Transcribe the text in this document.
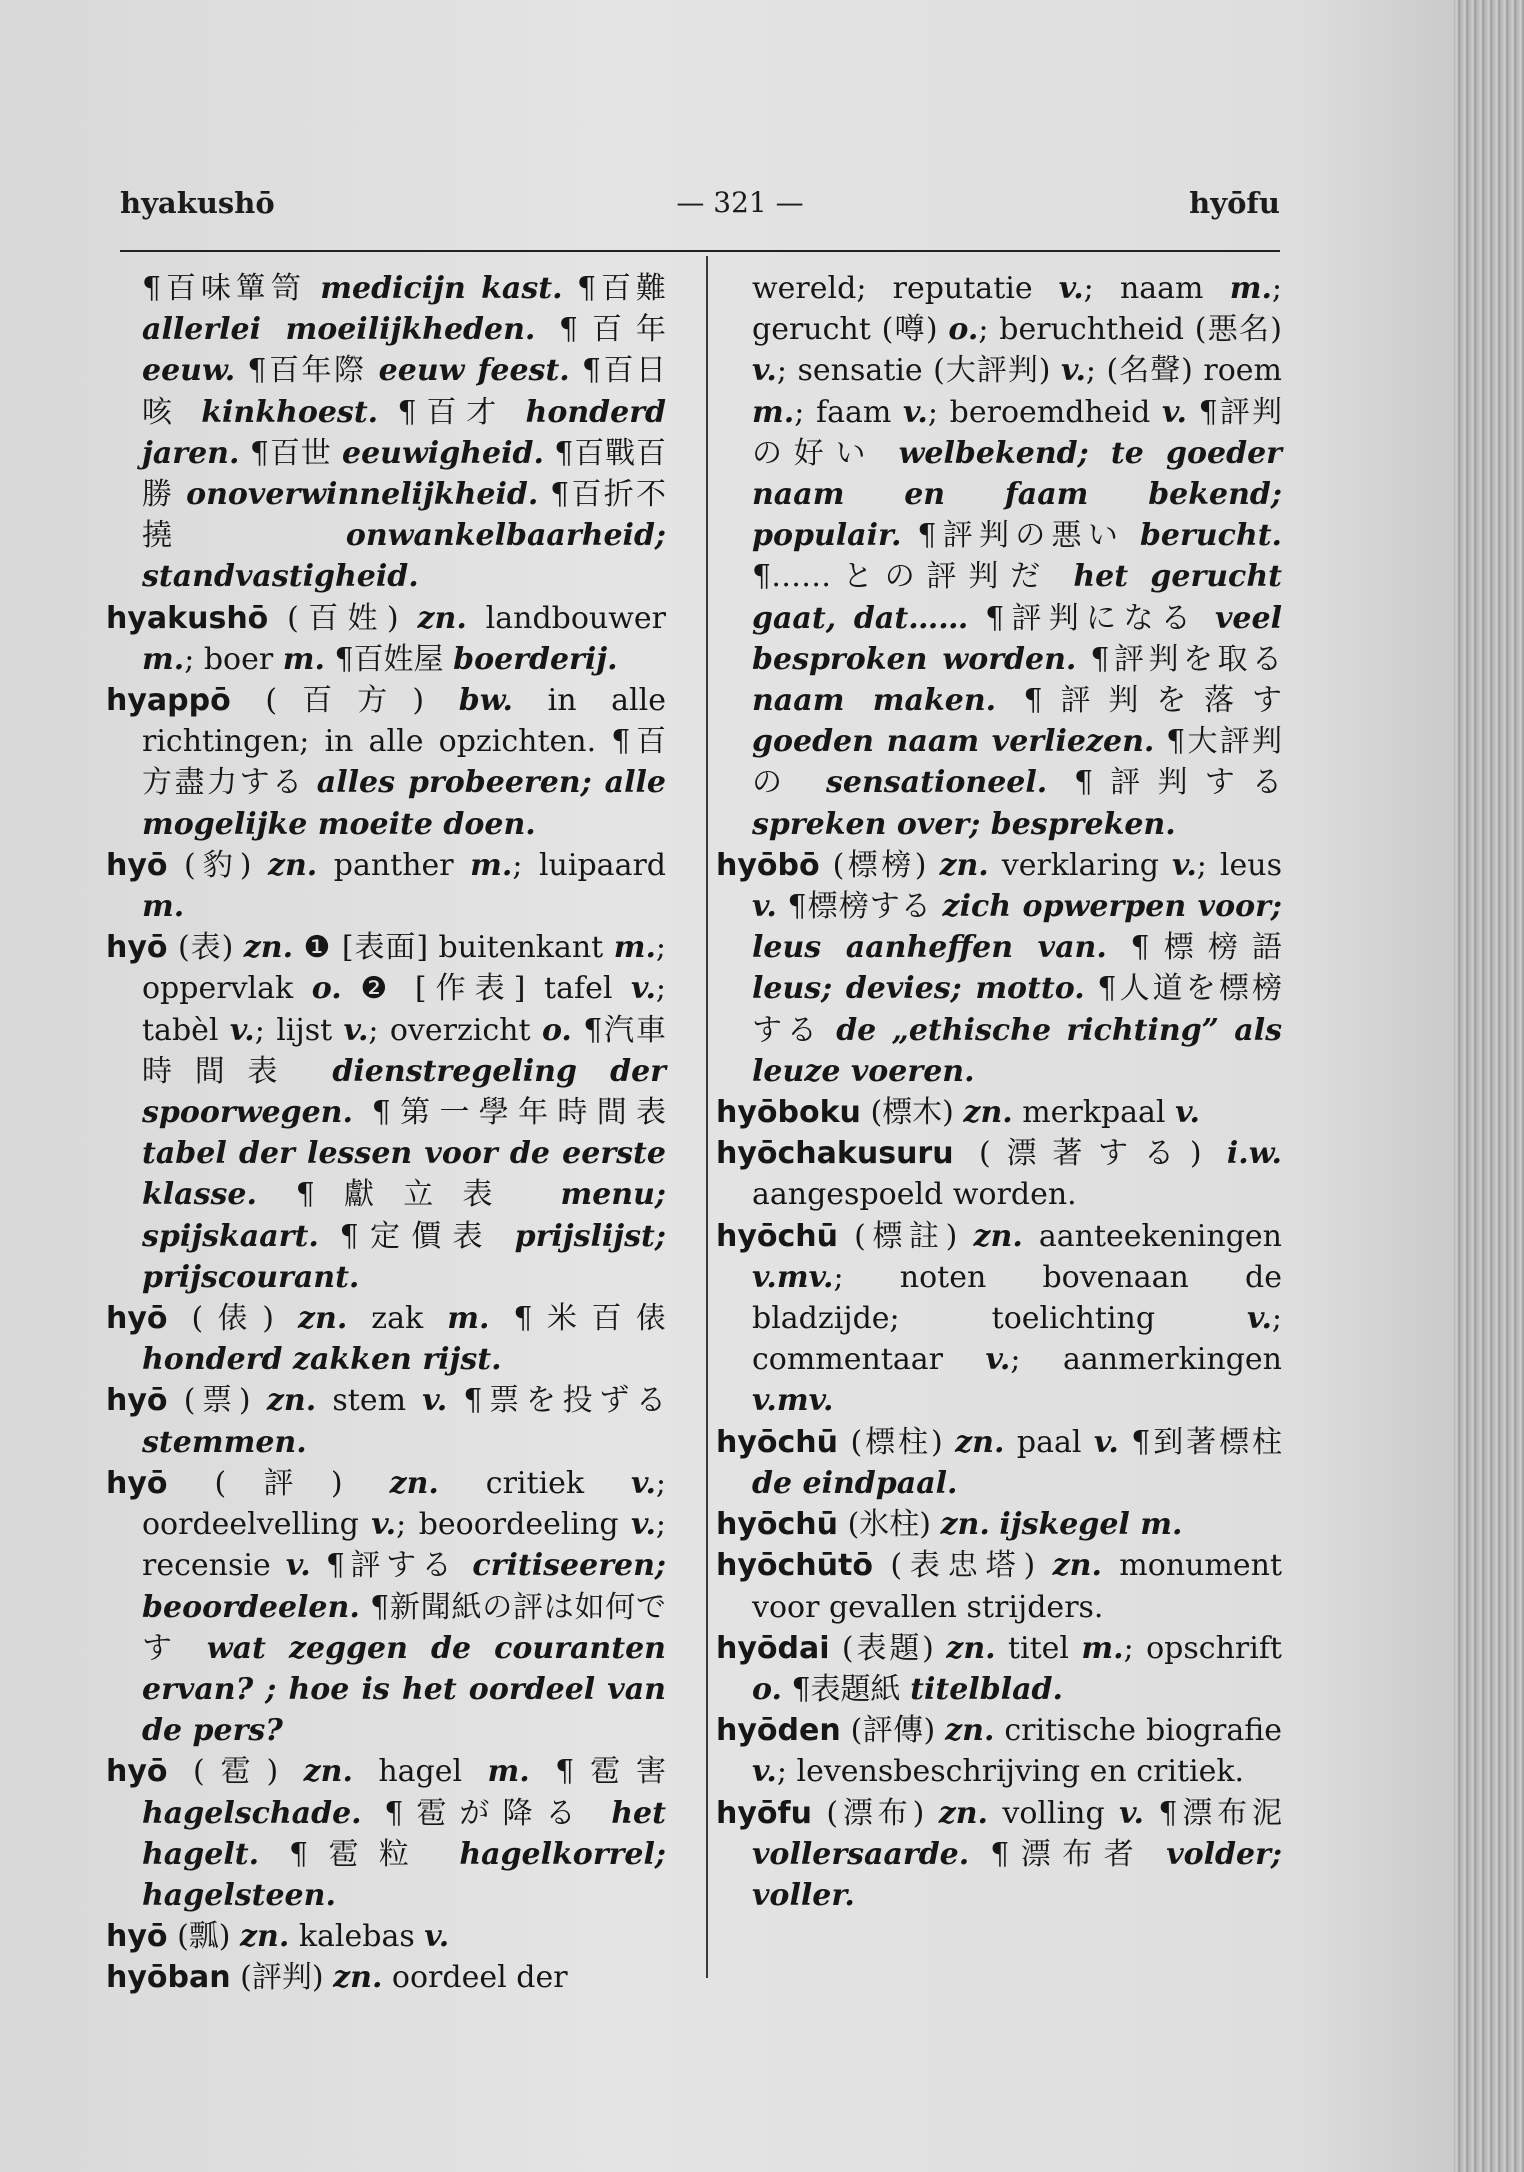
hyakushō	— 321 —	hyōfu

¶百味簞笥 medicijn kast. ¶百難 allerlei moeilijkheden. ¶百年 eeuw. ¶百年際 eeuw feest. ¶百日咳 kinkhoest. ¶百才 honderd jaren. ¶百世 eeuwigheid. ¶百戰百勝 onoverwinnelijkheid. ¶百折不撓 onwankelbaarheid; standvastigheid.

hyakushō (百姓) zn. landbouwer m.; boer m. ¶百姓屋 boerderij.

hyappō (百方) bw. in alle richtingen; in alle opzichten. ¶百方盡力する alles probeeren; alle mogelijke moeite doen.

hyō (豹) zn. panther m.; luipaard m.

hyō (表) zn. ❶ [表面] buitenkant m.; oppervlak o. ❷ [作表] tafel v.; tabèl v.; lijst v.; overzicht o. ¶汽車時間表 dienstregeling der spoorwegen. ¶第一學年時間表 tabel der lessen voor de eerste klasse. ¶獻立表 menu; spijskaart. ¶定價表 prijslijst; prijscourant.

hyō (俵) zn. zak m. ¶米百俵 honderd zakken rijst.

hyō (票) zn. stem v. ¶票を投ずる stemmen.

hyō (評) zn. critiek v.; oordeelvelling v.; beoordeeling v.; recensie v. ¶評する critiseeren; beoordeelen. ¶新聞紙の評は如何です wat zeggen de couranten ervan? ; hoe is het oordeel van de pers?

hyō (雹) zn. hagel m. ¶雹害 hagelschade. ¶雹が降る het hagelt. ¶雹粒 hagelkorrel; hagelsteen.

hyō (瓢) zn. kalebas v.

hyōban (評判) zn. oordeel der

wereld; reputatie v.; naam m.; gerucht (噂) o.; beruchtheid (悪名) v.; sensatie (大評判) v.; (名聲) roem m.; faam v.; beroemdheid v. ¶評判の好い welbekend; te goeder naam en faam bekend; populair. ¶評判の悪い berucht. ¶……との評判だ het gerucht gaat, dat…… ¶評判になる veel besproken worden. ¶評判を取る naam maken. ¶評判を落す goeden naam verliezen. ¶大評判の sensationeel. ¶評判する spreken over; bespreken.

hyōbō (標榜) zn. verklaring v.; leus v. ¶標榜する zich opwerpen voor; leus aanheffen van. ¶標榜語 leus; devies; motto. ¶人道を標榜する de „ethische richting” als leuze voeren.

hyōboku (標木) zn. merkpaal v.

hyōchakusuru (漂著する) i.w. aangespoeld worden.

hyōchū (標註) zn. aanteekeningen v.mv.; noten bovenaan de bladzijde; toelichting v.; commentaar v.; aanmerkingen v.mv.

hyōchū (標柱) zn. paal v. ¶到著標柱 de eindpaal.

hyōchū (氷柱) zn. ijskegel m.

hyōchūtō (表忠塔) zn. monument voor gevallen strijders.

hyōdai (表題) zn. titel m.; opschrift o. ¶表題紙 titelblad.

hyōden (評傳) zn. critische biografie v.; levensbeschrijving en critiek.

hyōfu (漂布) zn. volling v. ¶漂布泥 vollersaarde. ¶漂布者 volder; voller.
